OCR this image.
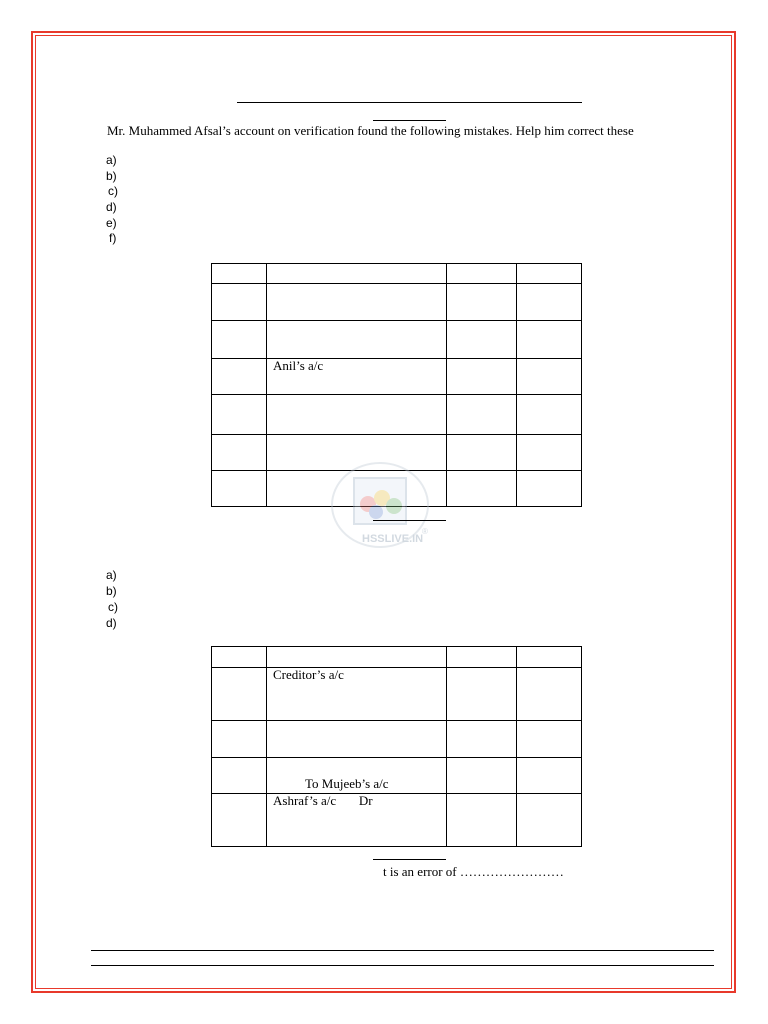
Mr. Muhammed Afsal’s account on verification found the following mistakes. Help him correct these
a)
b)
c)
d)
e)
f)

	Anil’s a/c		

HSSLIVE.IN
®
a)
b)
c)
d)

	Creditor’s a/c		

	To Mujeeb’s a/c		

	Ashraf’s a/c       Dr		

t is an error of ……………………
